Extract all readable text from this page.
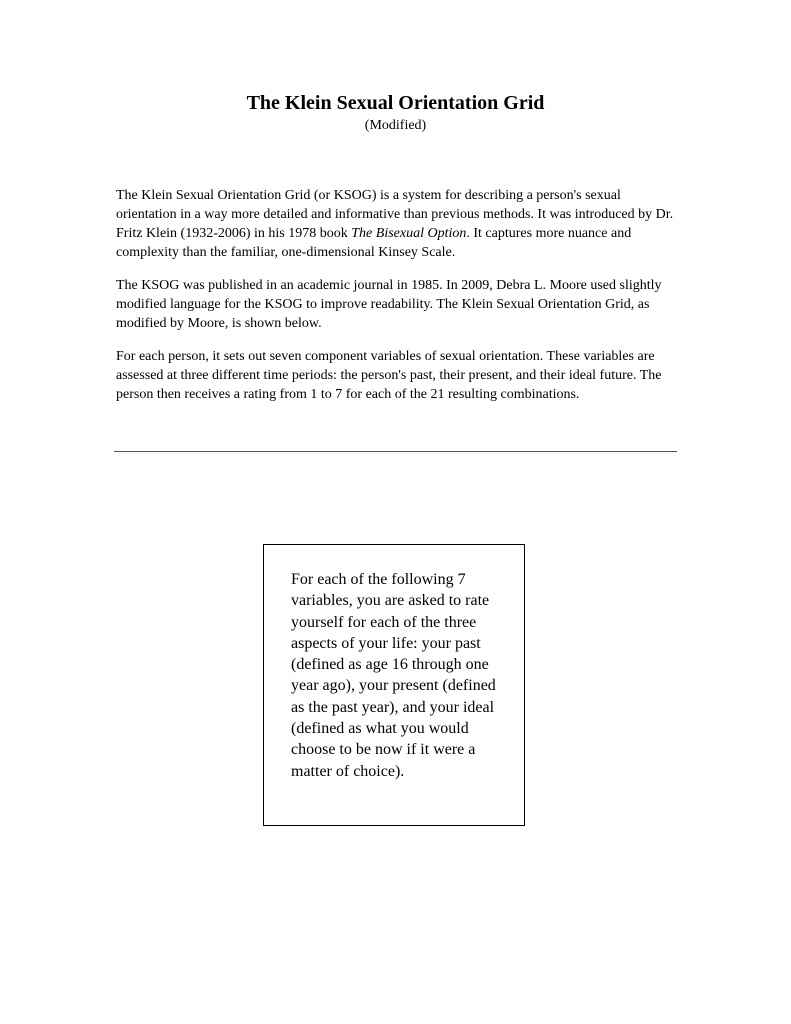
The Klein Sexual Orientation Grid

(Modified)

The Klein Sexual Orientation Grid (or KSOG) is a system for describing a person's sexual orientation in a way more detailed and informative than previous methods. It was introduced by Dr. Fritz Klein (1932-2006) in his 1978 book The Bisexual Option. It captures more nuance and complexity than the familiar, one-dimensional Kinsey Scale.

The KSOG was published in an academic journal in 1985. In 2009, Debra L. Moore used slightly modified language for the KSOG to improve readability. The Klein Sexual Orientation Grid, as modified by Moore, is shown below.

For each person, it sets out seven component variables of sexual orientation. These variables are assessed at three different time periods: the person's past, their present, and their ideal future. The person then receives a rating from 1 to 7 for each of the 21 resulting combinations.

For each of the following 7 variables, you are asked to rate yourself for each of the three aspects of your life: your past (defined as age 16 through one year ago), your present (defined as the past year), and your ideal (defined as what you would choose to be now if it were a matter of choice).
